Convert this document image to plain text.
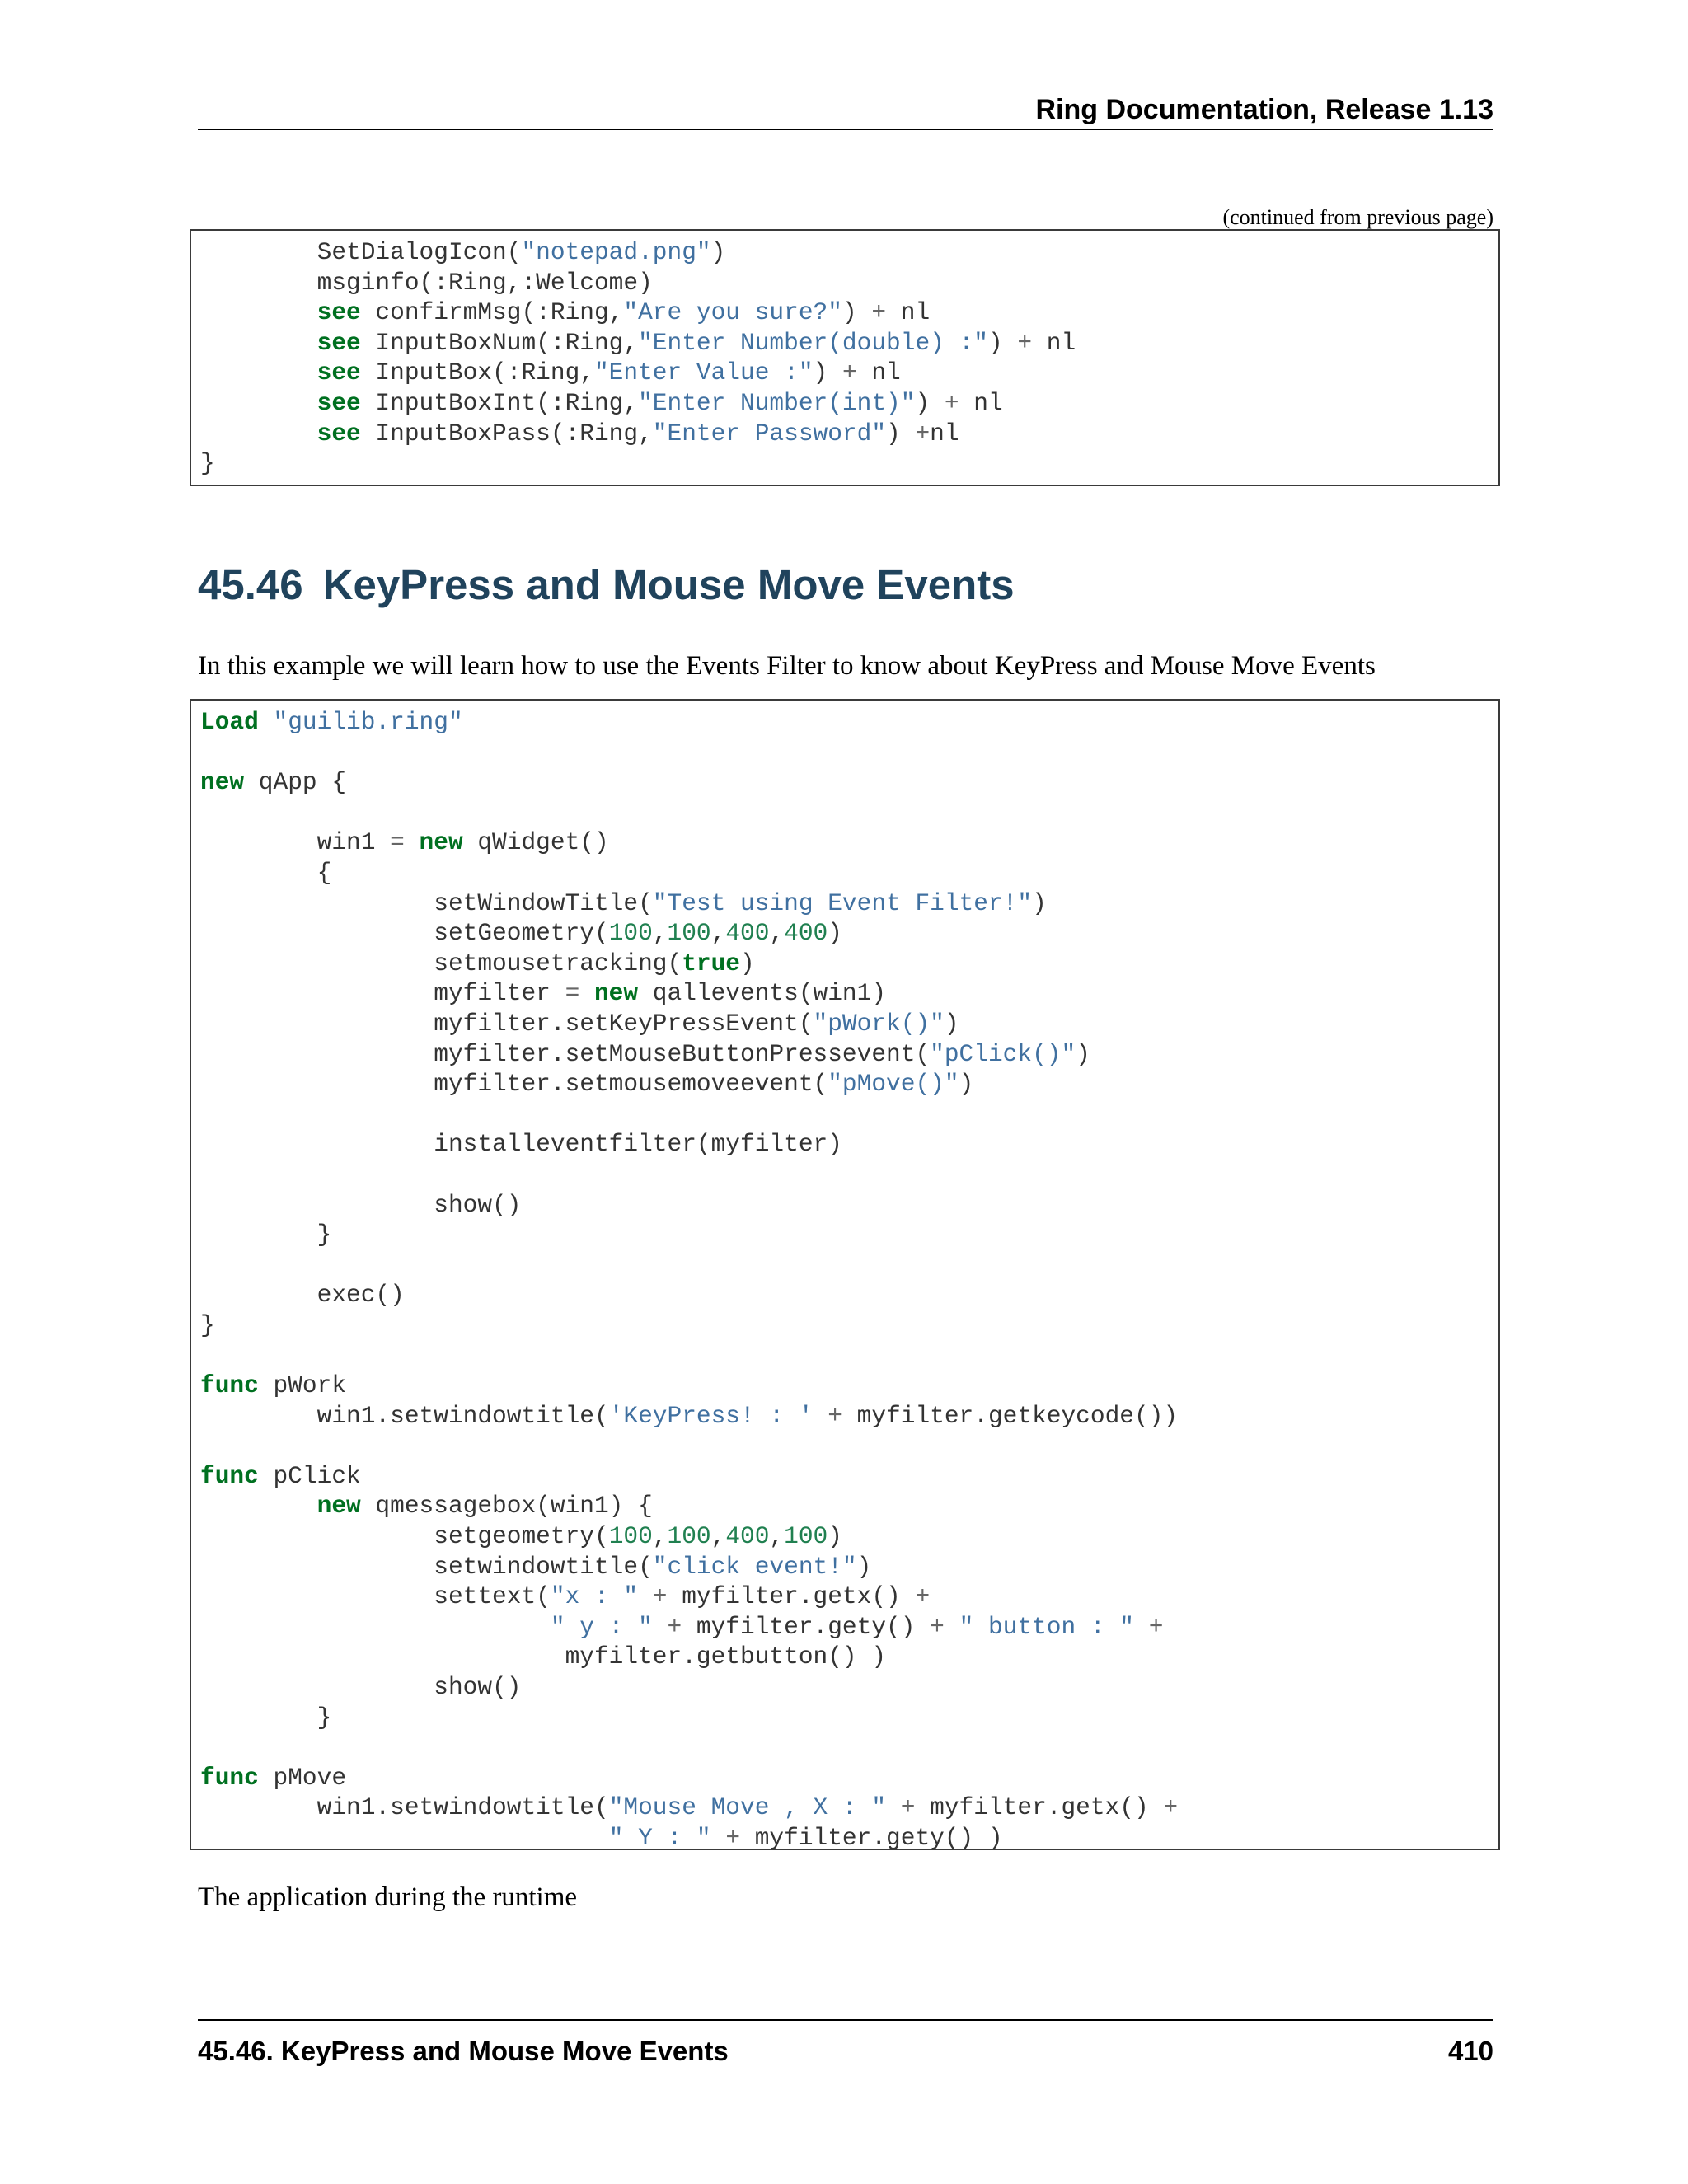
Ring Documentation, Release 1.13
(continued from previous page)
SetDialogIcon("notepad.png")
msginfo(:Ring,:Welcome)
see confirmMsg(:Ring,"Are you sure?") + nl
see InputBoxNum(:Ring,"Enter Number(double) :") + nl
see InputBox(:Ring,"Enter Value :") + nl
see InputBoxInt(:Ring,"Enter Number(int)") + nl
see InputBoxPass(:Ring,"Enter Password") +nl
}
45.46 KeyPress and Mouse Move Events
In this example we will learn how to use the Events Filter to know about KeyPress and Mouse Move Events
Load "guilib.ring"
new qApp {
win1 = new qWidget()
{
setWindowTitle("Test using Event Filter!")
setGeometry(100,100,400,400)
setmousetracking(true)
myfilter = new qallevents(win1)
myfilter.setKeyPressEvent("pWork()")
myfilter.setMouseButtonPressevent("pClick()")
myfilter.setmousemoveevent("pMove()")
installeventfilter(myfilter)
show()
}
exec()
}
func pWork
win1.setwindowtitle('KeyPress! : ' + myfilter.getkeycode())
func pClick
new qmessagebox(win1) {
setgeometry(100,100,400,100)
setwindowtitle("click event!")
settext("x : " + myfilter.getx() +
" y : " + myfilter.gety() + " button : " +
myfilter.getbutton() )
show()
}
func pMove
win1.setwindowtitle("Mouse Move , X : " + myfilter.getx() +
" Y : " + myfilter.gety() )
The application during the runtime
45.46. KeyPress and Mouse Move Events	410
